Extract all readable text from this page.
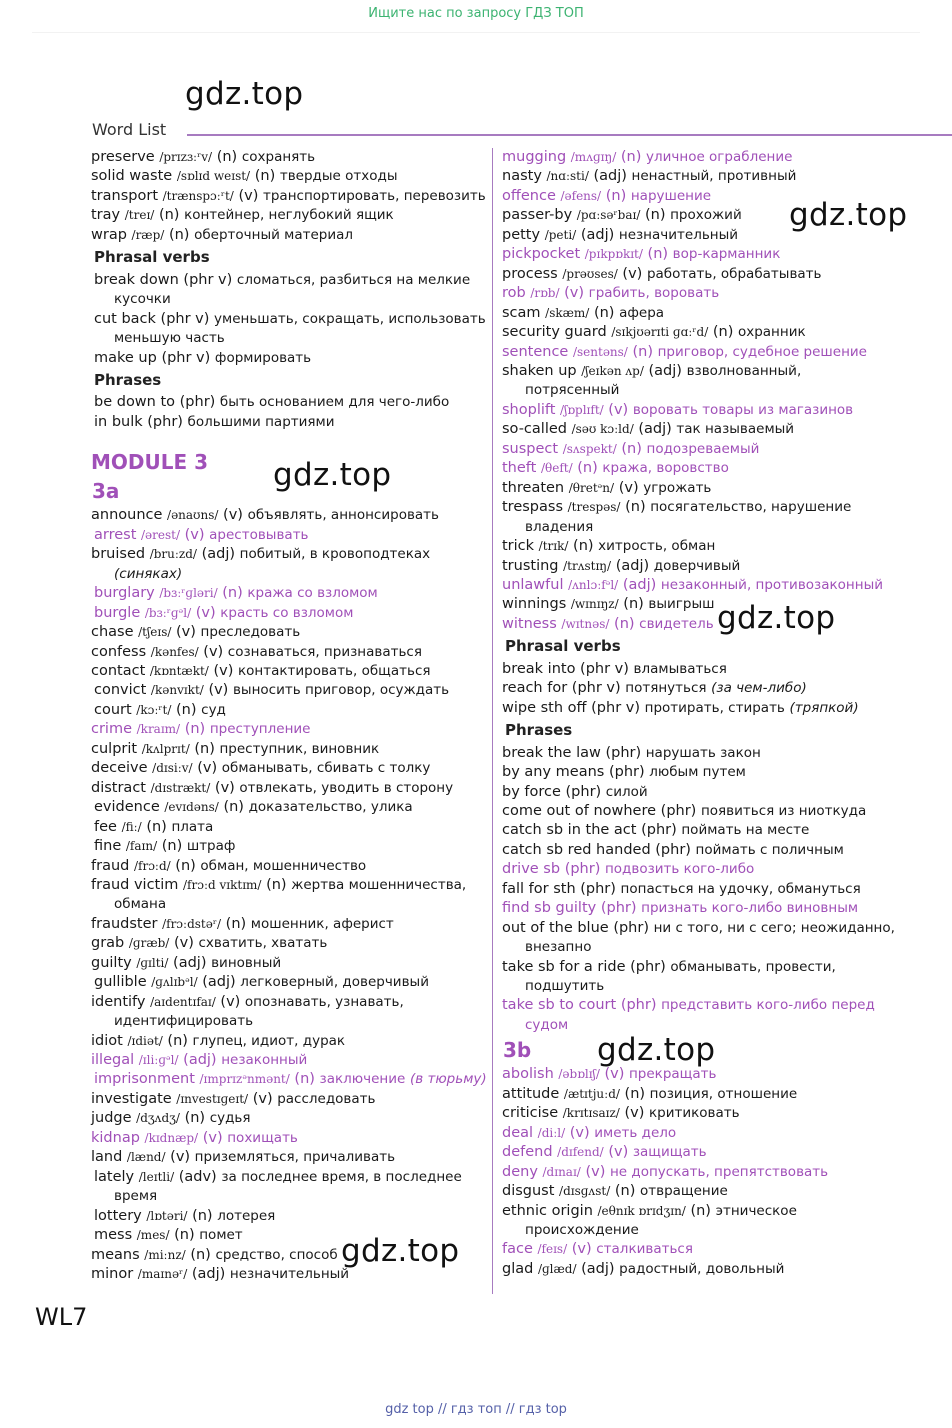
Ищите нас по запросу ГДЗ ТОП
gdz.top
gdz.top
gdz.top
gdz.top
gdz.top
gdz.top
Word List
preserve /prɪzɜːʳv/ (n) сохранять
solid waste /sɒlɪd weɪst/ (n) твердые отходы
transport /trænspɔːʳt/ (v) транспортировать, перевозить
tray /treɪ/ (n) контейнер, неглубокий ящик
wrap /ræp/ (n) оберточный материал
Phrasal verbs
break down (phr v) сломаться, разбиться на мелкие
кусочки
cut back (phr v) уменьшать, сокращать, использовать
меньшую часть
make up (phr v) формировать
Phrases
be down to (phr) быть основанием для чего-либо
in bulk (phr) большими партиями
MODULE 3
3a
announce /ənaʊns/ (v) объявлять, аннонсировать
arrest /ərest/ (v) арестовывать
bruised /bruːzd/ (adj) побитый, в кровоподтеках
(синяках)
burglary /bɜːʳɡləri/ (n) кража со взломом
burgle /bɜːʳɡᵊl/ (v) красть со взломом
chase /tʃeɪs/ (v) преследовать
confess /kənfes/ (v) сознаваться, признаваться
contact /kɒntækt/ (v) контактировать, общаться
convict /kənvɪkt/ (v) выносить приговор, осуждать
court /kɔːʳt/ (n) суд
crime /kraɪm/ (n) преступление
culprit /kʌlprɪt/ (n) преступник, виновник
deceive /dɪsiːv/ (v) обманывать, сбивать с толку
distract /dɪstrækt/ (v) отвлекать, уводить в сторону
evidence /evɪdəns/ (n) доказательство, улика
fee /fiː/ (n) плата
fine /faɪn/ (n) штраф
fraud /frɔːd/ (n) обман, мошенничество
fraud victim /frɔːd vɪktɪm/ (n) жертва мошенничества,
обмана
fraudster /frɔːdstəʳ/ (n) мошенник, аферист
grab /ɡræb/ (v) схватить, хватать
guilty /ɡɪlti/ (adj) виновный
gullible /ɡʌlɪbᵊl/ (adj) легковерный, доверчивый
identify /aɪdentɪfaɪ/ (v) опознавать, узнавать,
идентифицировать
idiot /ɪdiət/ (n) глупец, идиот, дурак
illegal /ɪliːɡᵊl/ (adj) незаконный
imprisonment /ɪmprɪzᵊnmənt/ (n) заключение (в тюрьму)
investigate /ɪnvestɪɡeɪt/ (v) расследовать
judge /dʒʌdʒ/ (n) судья
kidnap /kɪdnæp/ (v) похищать
land /lænd/ (v) приземляться, причаливать
lately /leɪtli/ (adv) за последнее время, в последнее
время
lottery /lɒtəri/ (n) лотерея
mess /mes/ (n) помет
means /miːnz/ (n) средство, способ
minor /maɪnəʳ/ (adj) незначительный
mugging /mʌɡɪŋ/ (n) уличное ограбление
nasty /nɑːsti/ (adj) ненастный, противный
offence /əfens/ (n) нарушение
passer-by /pɑːsəʳbaɪ/ (n) прохожий
petty /peti/ (adj) незначительный
pickpocket /pɪkpɒkɪt/ (n) вор-карманник
process /prəʊses/ (v) работать, обрабатывать
rob /rɒb/ (v) грабить, воровать
scam /skæm/ (n) афера
security guard /sɪkjʊərɪti ɡɑːʳd/ (n) охранник
sentence /sentəns/ (n) приговор, судебное решение
shaken up /ʃeɪkən ʌp/ (adj) взволнованный,
потрясенный
shoplift /ʃɒplɪft/ (v) воровать товары из магазинов
so-called /səʊ kɔːld/ (adj) так называемый
suspect /sʌspekt/ (n) подозреваемый
theft /θeft/ (n) кража, воровство
threaten /θretᵊn/ (v) угрожать
trespass /trespəs/ (n) посягательство, нарушение
владения
trick /trɪk/ (n) хитрость, обман
trusting /trʌstɪŋ/ (adj) доверчивый
unlawful /ʌnlɔːfᵊl/ (adj) незаконный, противозаконный
winnings /wɪnɪŋz/ (n) выигрыш
witness /wɪtnəs/ (n) свидетель
Phrasal verbs
break into (phr v) вламываться
reach for (phr v) потянуться (за чем-либо)
wipe sth off (phr v) протирать, стирать (тряпкой)
Phrases
break the law (phr) нарушать закон
by any means (phr) любым путем
by force (phr) силой
come out of nowhere (phr) появиться из ниоткуда
catch sb in the act (phr) поймать на месте
catch sb red handed (phr) поймать с поличным
drive sb (phr) подвозить кого-либо
fall for sth (phr) попасться на удочку, обмануться
find sb guilty (phr) признать кого-либо виновным
out of the blue (phr) ни с того, ни с сего; неожиданно,
внезапно
take sb for a ride (phr) обманывать, провести,
подшутить
take sb to court (phr) представить кого-либо перед
судом
3b
abolish /əbɒlɪʃ/ (v) прекращать
attitude /ætɪtjuːd/ (n) позиция, отношение
criticise /krɪtɪsaɪz/ (v) критиковать
deal /diːl/ (v) иметь дело
defend /dɪfend/ (v) защищать
deny /dɪnaɪ/ (v) не допускать, препятствовать
disgust /dɪsɡʌst/ (n) отвращение
ethnic origin /eθnɪk ɒrɪdʒɪn/ (n) этническое
происхождение
face /feɪs/ (v) сталкиваться
glad /ɡlæd/ (adj) радостный, довольный
WL7
gdz top // гдз топ // гдз top
